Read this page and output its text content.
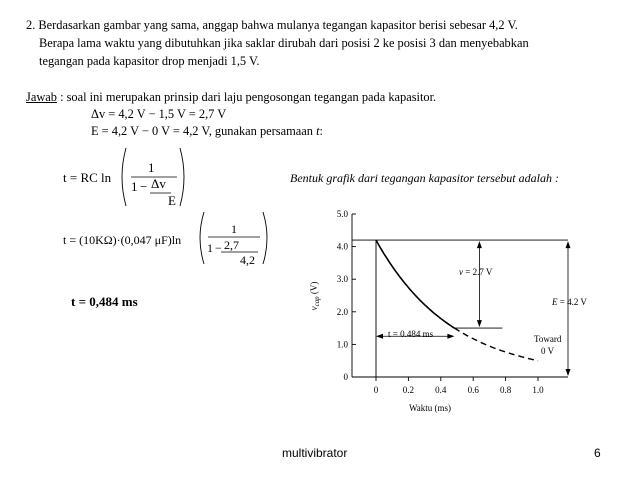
2. Berdasarkan gambar yang sama, anggap bahwa mulanya tegangan kapasitor berisi sebesar 4,2 V.
Berapa lama waktu yang dibutuhkan jika saklar dirubah dari posisi 2 ke posisi 3 dan menyebabkan
tegangan pada kapasitor drop menjadi 1,5 V.
Jawab : soal ini merupakan prinsip dari laju pengosongan tegangan pada kapasitor.
Δv = 4,2 V − 1,5 V = 2,7 V
E = 4,2 V − 0 V = 4,2 V, gunakan persamaan t:
t = RC ln
1
1 − Δv
E
t = (10KΩ)·(0,047 μF)ln
1
1 − 2,7
4,2
t = 0,484 ms
Bentuk grafik dari tegangan kapasitor tersebut adalah :
0
1.0
2.0
3.0
4.0
5.0
0	0.2 0.4 0.6 0.8 1.0
$v_{cap}$ (V)
Waktu (ms)
v = 2.7 V
E = 4.2 V
t = 0.484 ms	Toward
0 V
multivibrator	6
